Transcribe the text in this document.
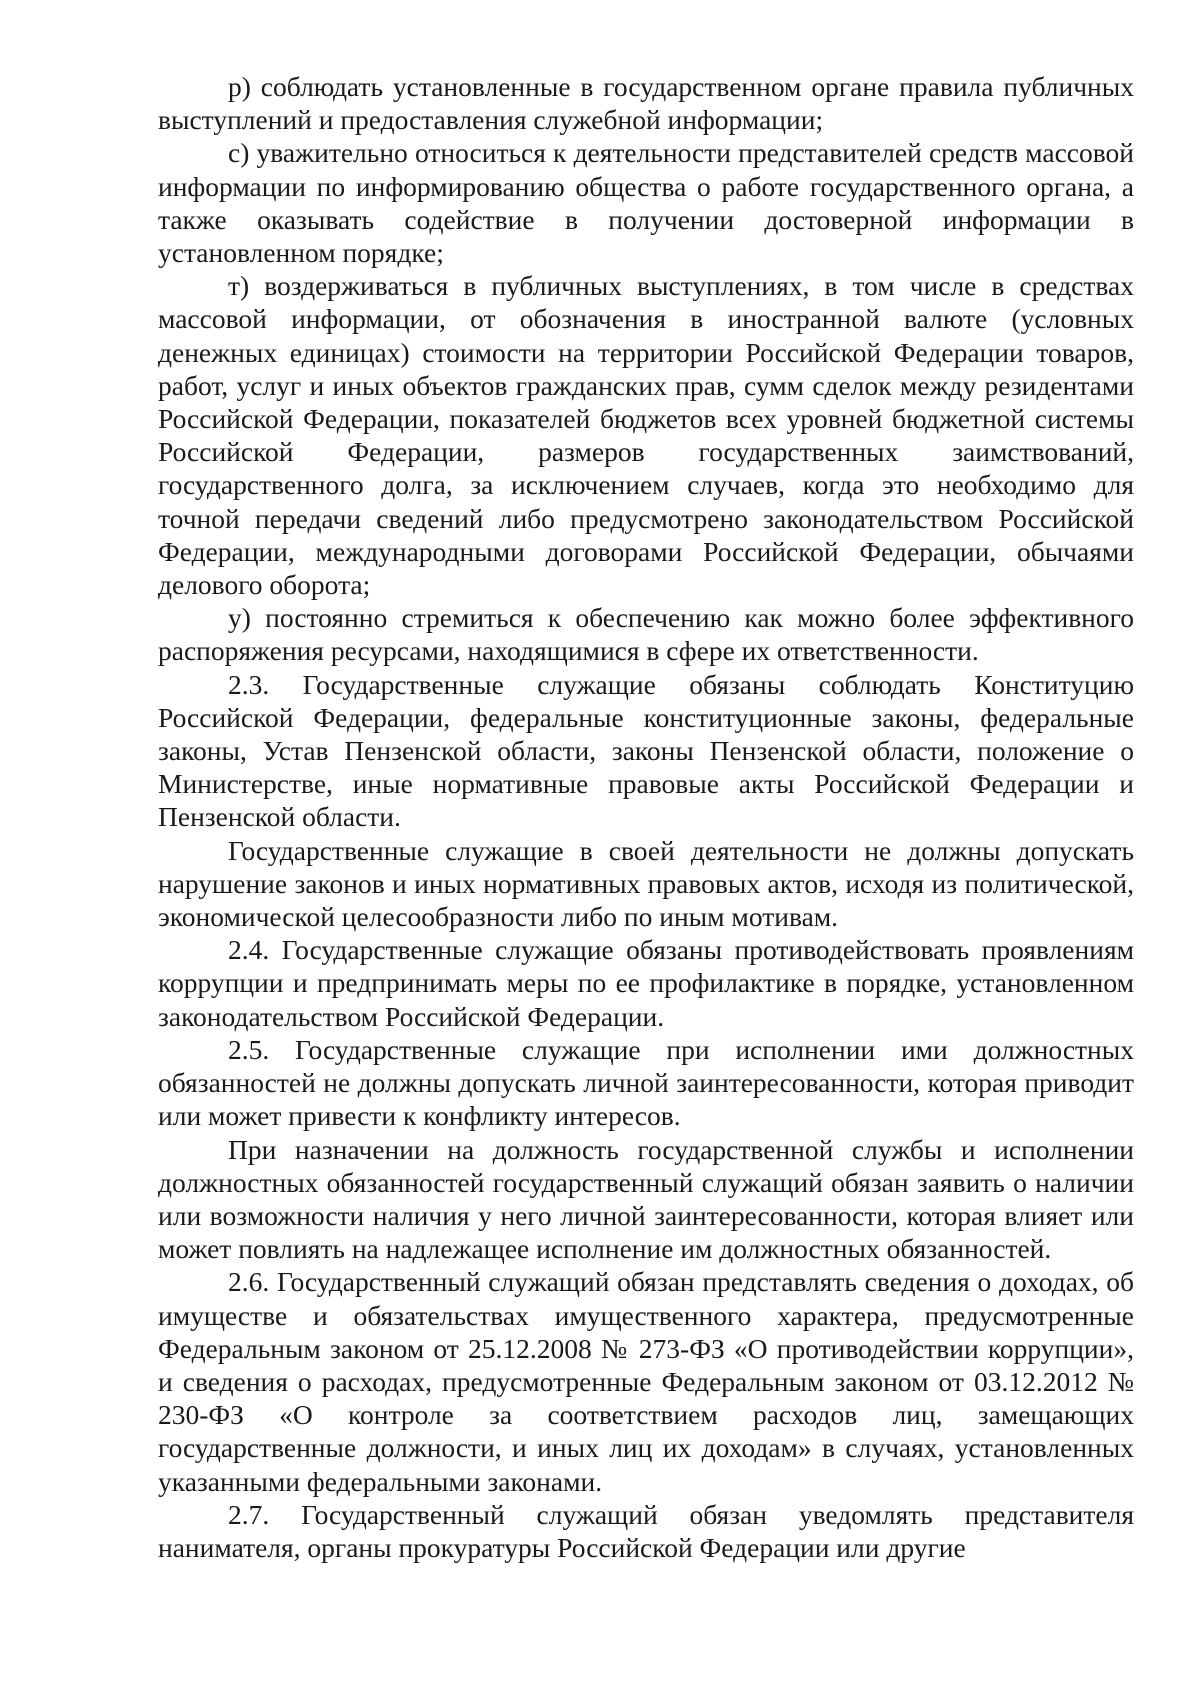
р) соблюдать установленные в государственном органе правила публичных выступлений и предоставления служебной информации;

с) уважительно относиться к деятельности представителей средств массовой информации по информированию общества о работе государственного органа, а также оказывать содействие в получении достоверной информации в установленном порядке;

т) воздерживаться в публичных выступлениях, в том числе в средствах массовой информации, от обозначения в иностранной валюте (условных денежных единицах) стоимости на территории Российской Федерации товаров, работ, услуг и иных объектов гражданских прав, сумм сделок между резидентами Российской Федерации, показателей бюджетов всех уровней бюджетной системы Российской Федерации, размеров государственных заимствований, государственного долга, за исключением случаев, когда это необходимо для точной передачи сведений либо предусмотрено законодательством Российской Федерации, международными договорами Российской Федерации, обычаями делового оборота;

у) постоянно стремиться к обеспечению как можно более эффективного распоряжения ресурсами, находящимися в сфере их ответственности.

2.3. Государственные служащие обязаны соблюдать Конституцию Российской Федерации, федеральные конституционные законы, федеральные законы, Устав Пензенской области, законы Пензенской области, положение о Министерстве, иные нормативные правовые акты Российской Федерации и Пензенской области.

Государственные служащие в своей деятельности не должны допускать нарушение законов и иных нормативных правовых актов, исходя из политической, экономической целесообразности либо по иным мотивам.

2.4. Государственные служащие обязаны противодействовать проявлениям коррупции и предпринимать меры по ее профилактике в порядке, установленном законодательством Российской Федерации.

2.5. Государственные служащие при исполнении ими должностных обязанностей не должны допускать личной заинтересованности, которая приводит или может привести к конфликту интересов.

При назначении на должность государственной службы и исполнении должностных обязанностей государственный служащий обязан заявить о наличии или возможности наличия у него личной заинтересованности, которая влияет или может повлиять на надлежащее исполнение им должностных обязанностей.

2.6. Государственный служащий обязан представлять сведения о доходах, об имуществе и обязательствах имущественного характера, предусмотренные Федеральным законом от 25.12.2008 № 273-ФЗ «О противодействии коррупции», и сведения о расходах, предусмотренные Федеральным законом от 03.12.2012 № 230-ФЗ «О контроле за соответствием расходов лиц, замещающих государственные должности, и иных лиц их доходам» в случаях, установленных указанными федеральными законами.

2.7. Государственный служащий обязан уведомлять представителя нанимателя, органы прокуратуры Российской Федерации или другие
